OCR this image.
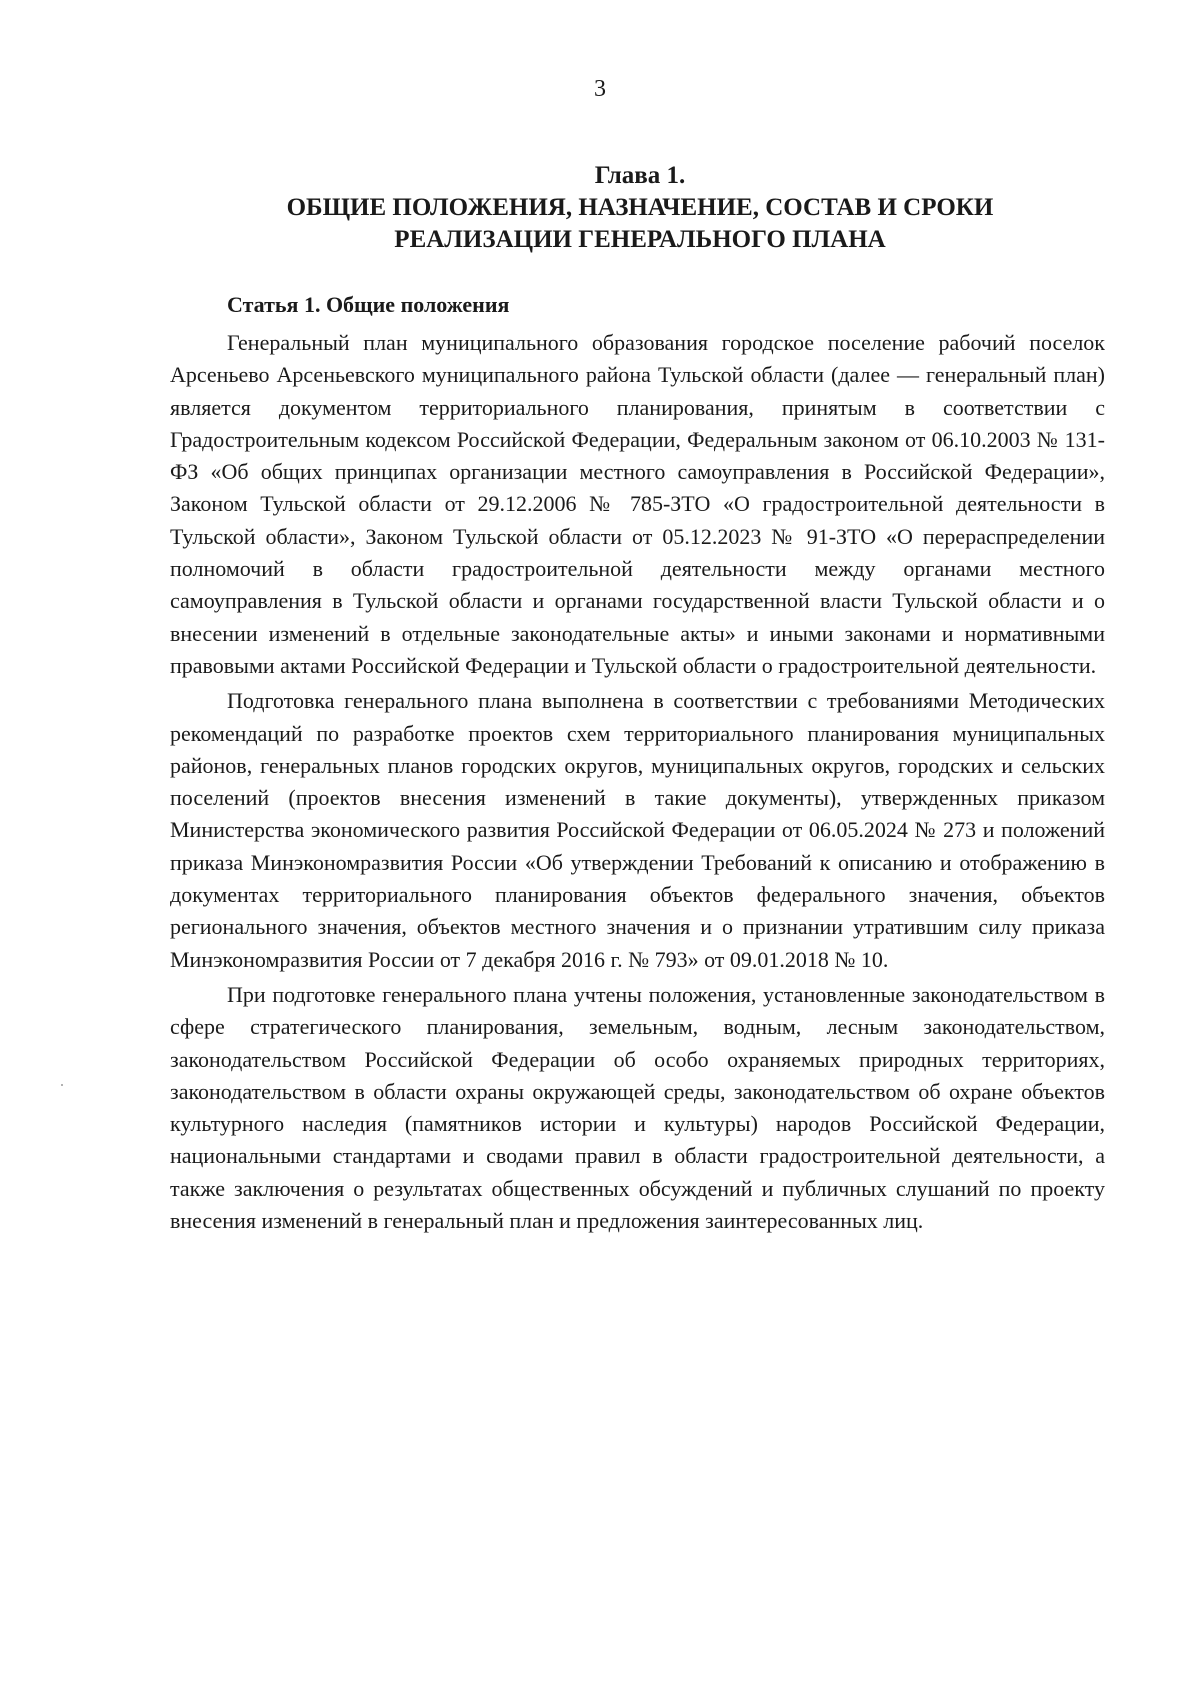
3
Глава 1.
ОБЩИЕ ПОЛОЖЕНИЯ, НАЗНАЧЕНИЕ, СОСТАВ И СРОКИ
РЕАЛИЗАЦИИ ГЕНЕРАЛЬНОГО ПЛАНА
Статья 1. Общие положения

Генеральный план муниципального образования городское поселение рабочий поселок Арсеньево Арсеньевского муниципального района Тульской области (далее — генеральный план) является документом территориального планирования, принятым в соответствии с Градостроительным кодексом Российской Федерации, Федеральным законом от 06.10.2003 № 131-ФЗ «Об общих принципах организации местного самоуправления в Российской Федерации», Законом Тульской области от 29.12.2006 № 785-ЗТО «О градостроительной деятельности в Тульской области», Законом Тульской области от 05.12.2023 № 91-ЗТО «О перераспределении полномочий в области градостроительной деятельности между органами местного самоуправления в Тульской области и органами государственной власти Тульской области и о внесении изменений в отдельные законодательные акты» и иными законами и нормативными правовыми актами Российской Федерации и Тульской области о градостроительной деятельности.

Подготовка генерального плана выполнена в соответствии с требованиями Методических рекомендаций по разработке проектов схем территориального планирования муниципальных районов, генеральных планов городских округов, муниципальных округов, городских и сельских поселений (проектов внесения изменений в такие документы), утвержденных приказом Министерства экономического развития Российской Федерации от 06.05.2024 № 273 и положений приказа Минэкономразвития России «Об утверждении Требований к описанию и отображению в документах территориального планирования объектов федерального значения, объектов регионального значения, объектов местного значения и о признании утратившим силу приказа Минэкономразвития России от 7 декабря 2016 г. № 793» от 09.01.2018 № 10.

При подготовке генерального плана учтены положения, установленные законодательством в сфере стратегического планирования, земельным, водным, лесным законодательством, законодательством Российской Федерации об особо охраняемых природных территориях, законодательством в области охраны окружающей среды, законодательством об охране объектов культурного наследия (памятников истории и культуры) народов Российской Федерации, национальными стандартами и сводами правил в области градостроительной деятельности, а также заключения о результатах общественных обсуждений и публичных слушаний по проекту внесения изменений в генеральный план и предложения заинтересованных лиц.
